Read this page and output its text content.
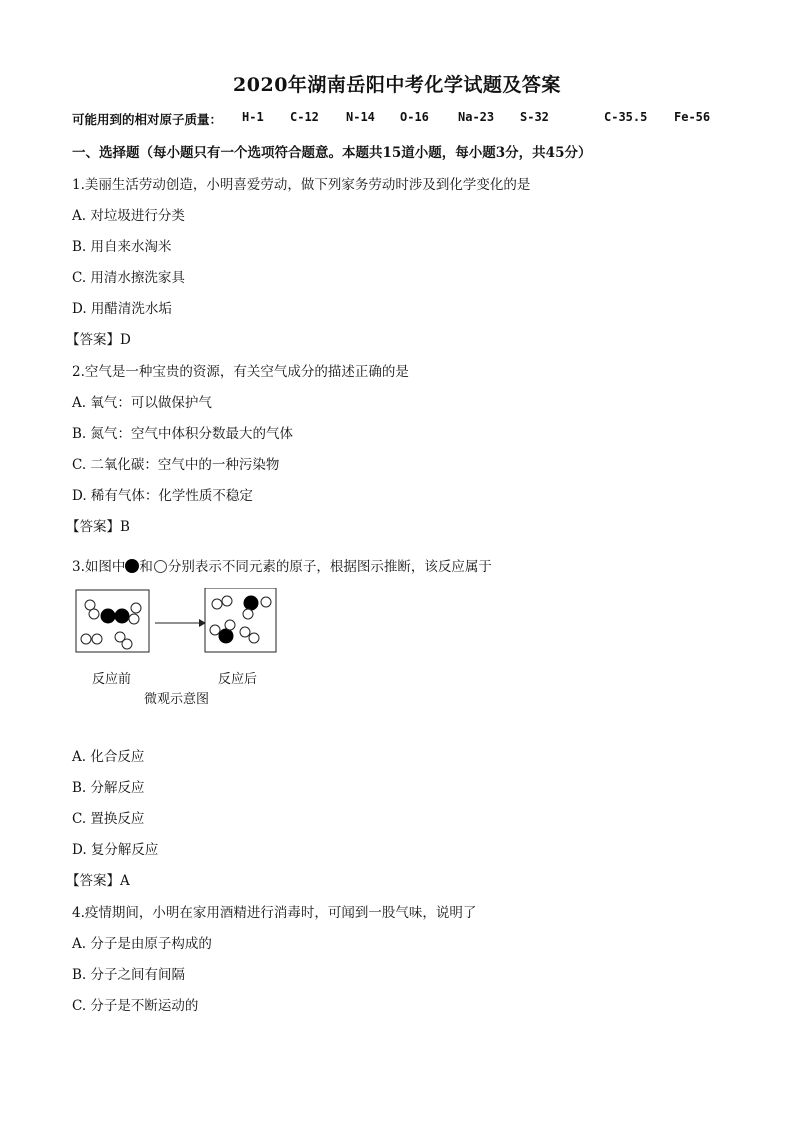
2020年湖南岳阳中考化学试题及答案
可能用到的相对原子质量： H-1 C-12 N-14 O-16 Na-23 S-32	C-35.5 Fe-56
一、选择题（每小题只有一个选项符合题意。本题共15道小题，每小题3分，共45分）
1.美丽生活劳动创造，小明喜爱劳动，做下列家务劳动时涉及到化学变化的是
A. 对垃圾进行分类
B. 用自来水淘米
C. 用清水擦洗家具
D. 用醋清洗水垢
【答案】D
2.空气是一种宝贵的资源，有关空气成分的描述正确的是
A. 氧气：可以做保护气
B. 氮气：空气中体积分数最大的气体
C. 二氧化碳：空气中的一种污染物
D. 稀有气体：化学性质不稳定
【答案】B
3.如图中 和 分别表示不同元素的原子，根据图示推断，该反应属于
反应前	反应后
微观示意图
A. 化合反应
B. 分解反应
C. 置换反应
D. 复分解反应
【答案】A
4.疫情期间，小明在家用酒精进行消毒时，可闻到一股气味，说明了
A. 分子是由原子构成的
B. 分子之间有间隔
C. 分子是不断运动的
